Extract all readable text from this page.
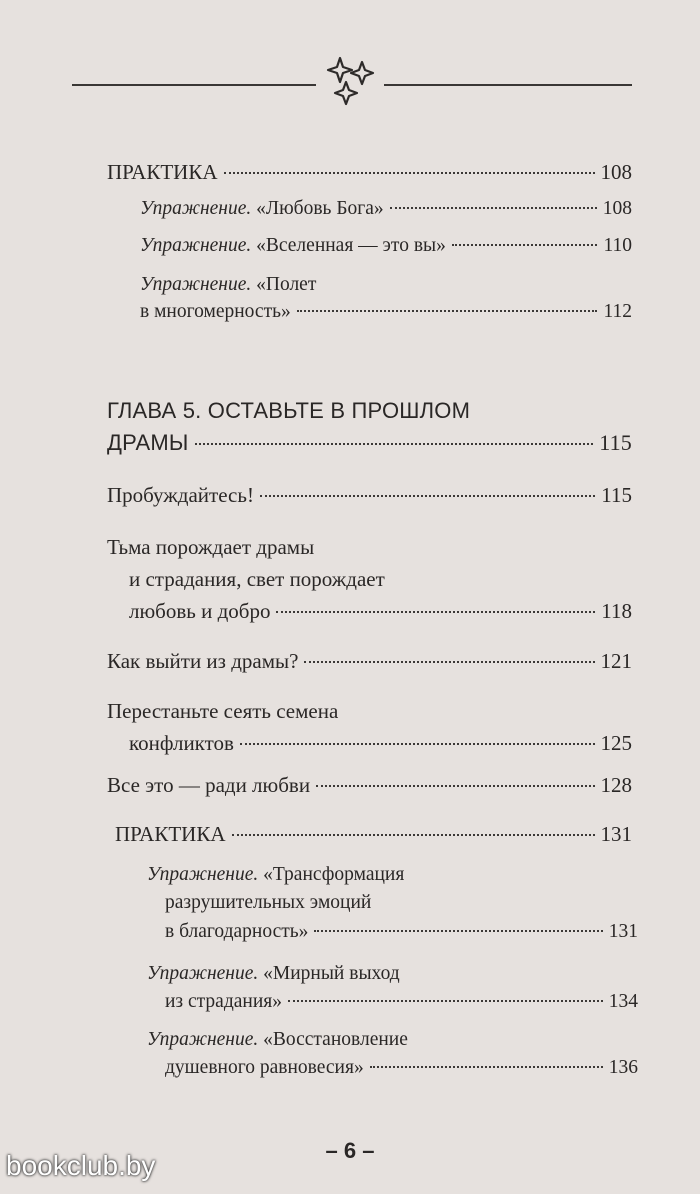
ПРАКТИКА	108
Упражнение. «Любовь Бога»	108
Упражнение. «Вселенная — это вы»	110
Упражнение. «Полет
в многомерность»	112
ГЛАВА 5. ОСТАВЬТЕ В ПРОШЛОМ
ДРАМЫ	115
Пробуждайтесь!	115
Тьма порождает драмы
и страдания, свет порождает
любовь и добро	118
Как выйти из драмы?	121
Перестаньте сеять семена
конфликтов	125
Все это — ради любви	128
ПРАКТИКА	131
Упражнение. «Трансформация
разрушительных эмоций
в благодарность»	131
Упражнение. «Мирный выход
из страдания»	134
Упражнение. «Восстановление
душевного равновесия»	136
– 6 –
bookclub.by
